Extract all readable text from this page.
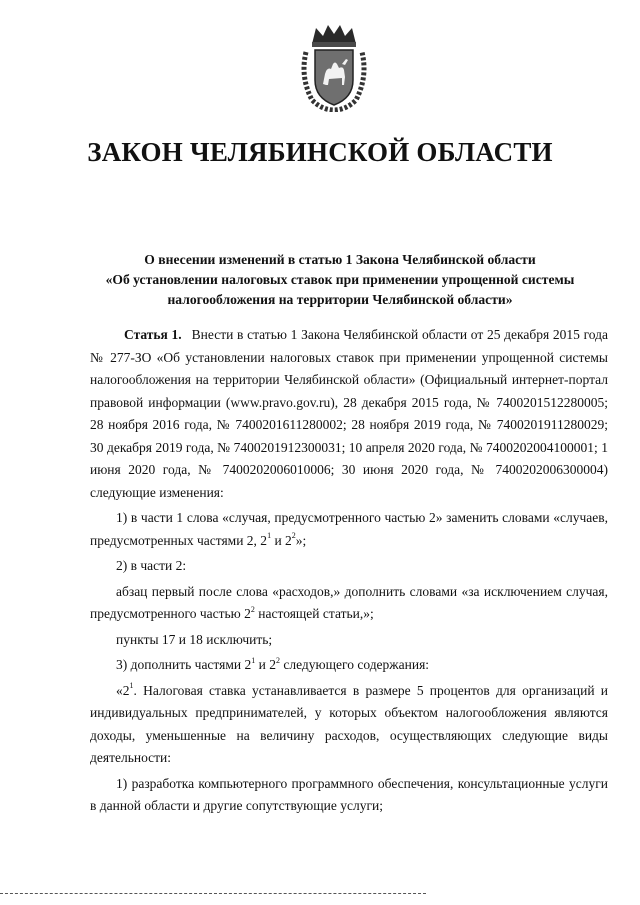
ЗАКОН ЧЕЛЯБИНСКОЙ ОБЛАСТИ
О внесении изменений в статью 1 Закона Челябинской области
«Об установлении налоговых ставок при применении упрощенной системы
налогообложения на территории Челябинской области»

Статья 1. Внести в статью 1 Закона Челябинской области от 25 декабря 2015 года № 277-ЗО «Об установлении налоговых ставок при применении упрощенной системы налогообложения на территории Челябинской области» (Официальный интернет-портал правовой информации (www.pravo.gov.ru), 28 декабря 2015 года, № 7400201512280005; 28 ноября 2016 года, № 7400201611280002; 28 ноября 2019 года, № 7400201911280029; 30 декабря 2019 года, № 7400201912300031; 10 апреля 2020 года, № 7400202004100001; 1 июня 2020 года, № 7400202006010006; 30 июня 2020 года, № 7400202006300004) следующие изменения:

1) в части 1 слова «случая, предусмотренного частью 2» заменить словами «случаев, предусмотренных частями 2, $2^1$ и $2^2$»;

2) в части 2:

абзац первый после слова «расходов,» дополнить словами «за исключением случая, предусмотренного частью $2^2$ настоящей статьи,»;

пункты 17 и 18 исключить;

3) дополнить частями $2^1$ и $2^2$ следующего содержания:

«$2^1$. Налоговая ставка устанавливается в размере 5 процентов для организаций и индивидуальных предпринимателей, у которых объектом налогообложения являются доходы, уменьшенные на величину расходов, осуществляющих следующие виды деятельности:

1) разработка компьютерного программного обеспечения, консультационные услуги в данной области и другие сопутствующие услуги;
